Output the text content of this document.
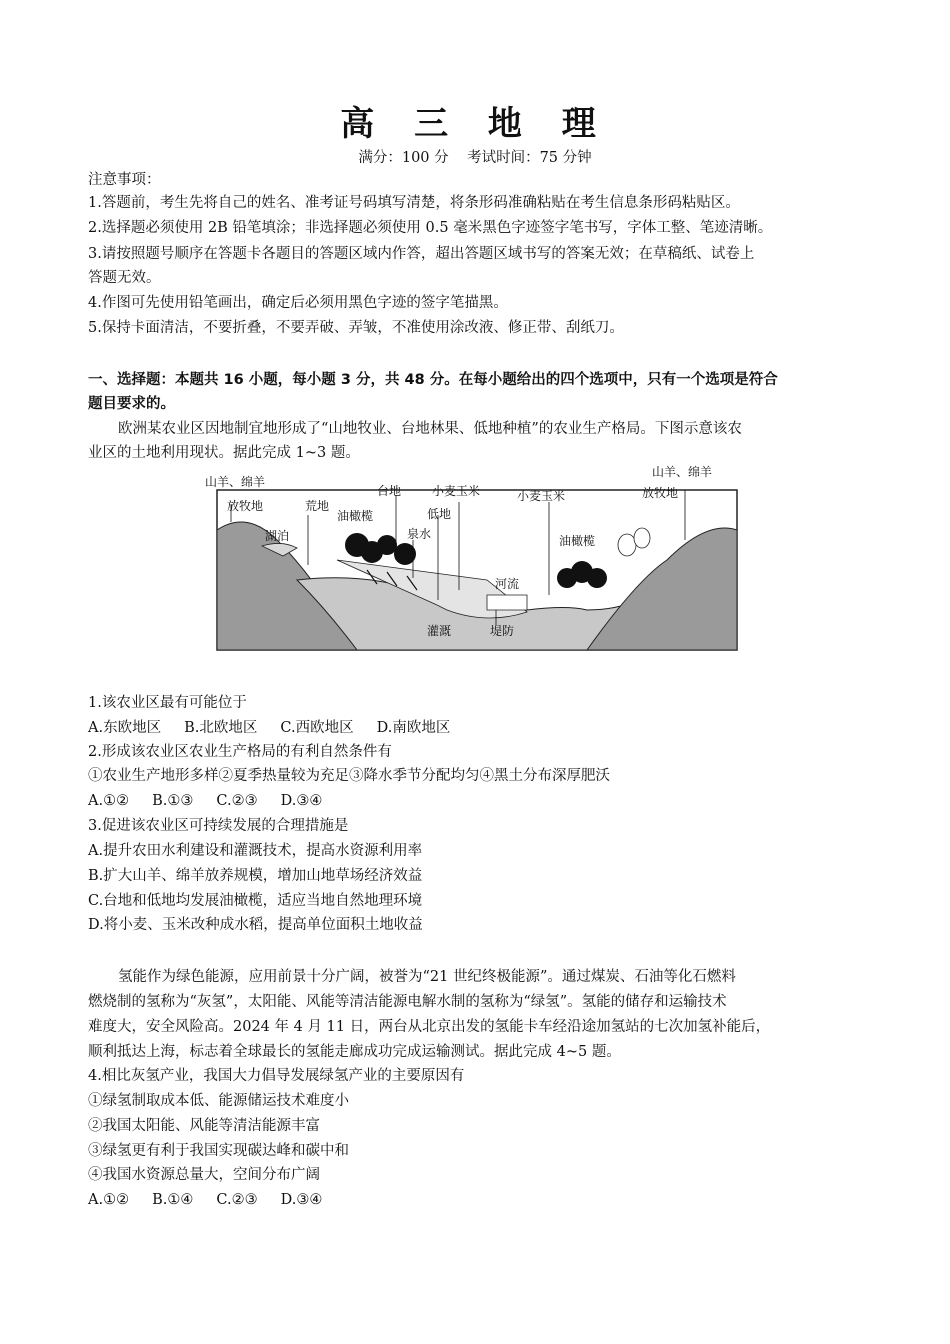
高 三 地 理
满分：100 分    考试时间：75 分钟
注意事项：
1.答题前，考生先将自己的姓名、准考证号码填写清楚，将条形码准确粘贴在考生信息条形码粘贴区。
2.选择题必须使用 2B 铅笔填涂；非选择题必须使用 0.5 毫米黑色字迹签字笔书写，字体工整、笔迹清晰。
3.请按照题号顺序在答题卡各题目的答题区域内作答，超出答题区域书写的答案无效；在草稿纸、试卷上
答题无效。
4.作图可先使用铅笔画出，确定后必须用黑色字迹的签字笔描黑。
5.保持卡面清洁，不要折叠，不要弄破、弄皱，不准使用涂改液、修正带、刮纸刀。
一、选择题：本题共 16 小题，每小题 3 分，共 48 分。在每小题给出的四个选项中，只有一个选项是符合
题目要求的。
欧洲某农业区因地制宜地形成了“山地牧业、台地林果、低地种植”的农业生产格局。下图示意该农
业区的土地利用现状。据此完成 1~3 题。
山羊、绵羊
放牧地
湖泊
荒地
油橄榄
台地
泉水
低地
小麦玉米	小麦玉米
河流
灌溉	堤防
油橄榄
山羊、绵羊
放牧地
1.该农业区最有可能位于
A.东欧地区     B.北欧地区     C.西欧地区     D.南欧地区
2.形成该农业区农业生产格局的有利自然条件有
①农业生产地形多样②夏季热量较为充足③降水季节分配均匀④黑土分布深厚肥沃
A.①②     B.①③     C.②③     D.③④
3.促进该农业区可持续发展的合理措施是
A.提升农田水利建设和灌溉技术，提高水资源利用率
B.扩大山羊、绵羊放养规模，增加山地草场经济效益
C.台地和低地均发展油橄榄，适应当地自然地理环境
D.将小麦、玉米改种成水稻，提高单位面积土地收益
氢能作为绿色能源，应用前景十分广阔，被誉为“21 世纪终极能源”。通过煤炭、石油等化石燃料
燃烧制的氢称为“灰氢”，太阳能、风能等清洁能源电解水制的氢称为“绿氢”。氢能的储存和运输技术
难度大，安全风险高。2024 年 4 月 11 日，两台从北京出发的氢能卡车经沿途加氢站的七次加氢补能后，
顺利抵达上海，标志着全球最长的氢能走廊成功完成运输测试。据此完成 4~5 题。
4.相比灰氢产业，我国大力倡导发展绿氢产业的主要原因有
①绿氢制取成本低、能源储运技术难度小
②我国太阳能、风能等清洁能源丰富
③绿氢更有利于我国实现碳达峰和碳中和
④我国水资源总量大，空间分布广阔
A.①②     B.①④     C.②③     D.③④
